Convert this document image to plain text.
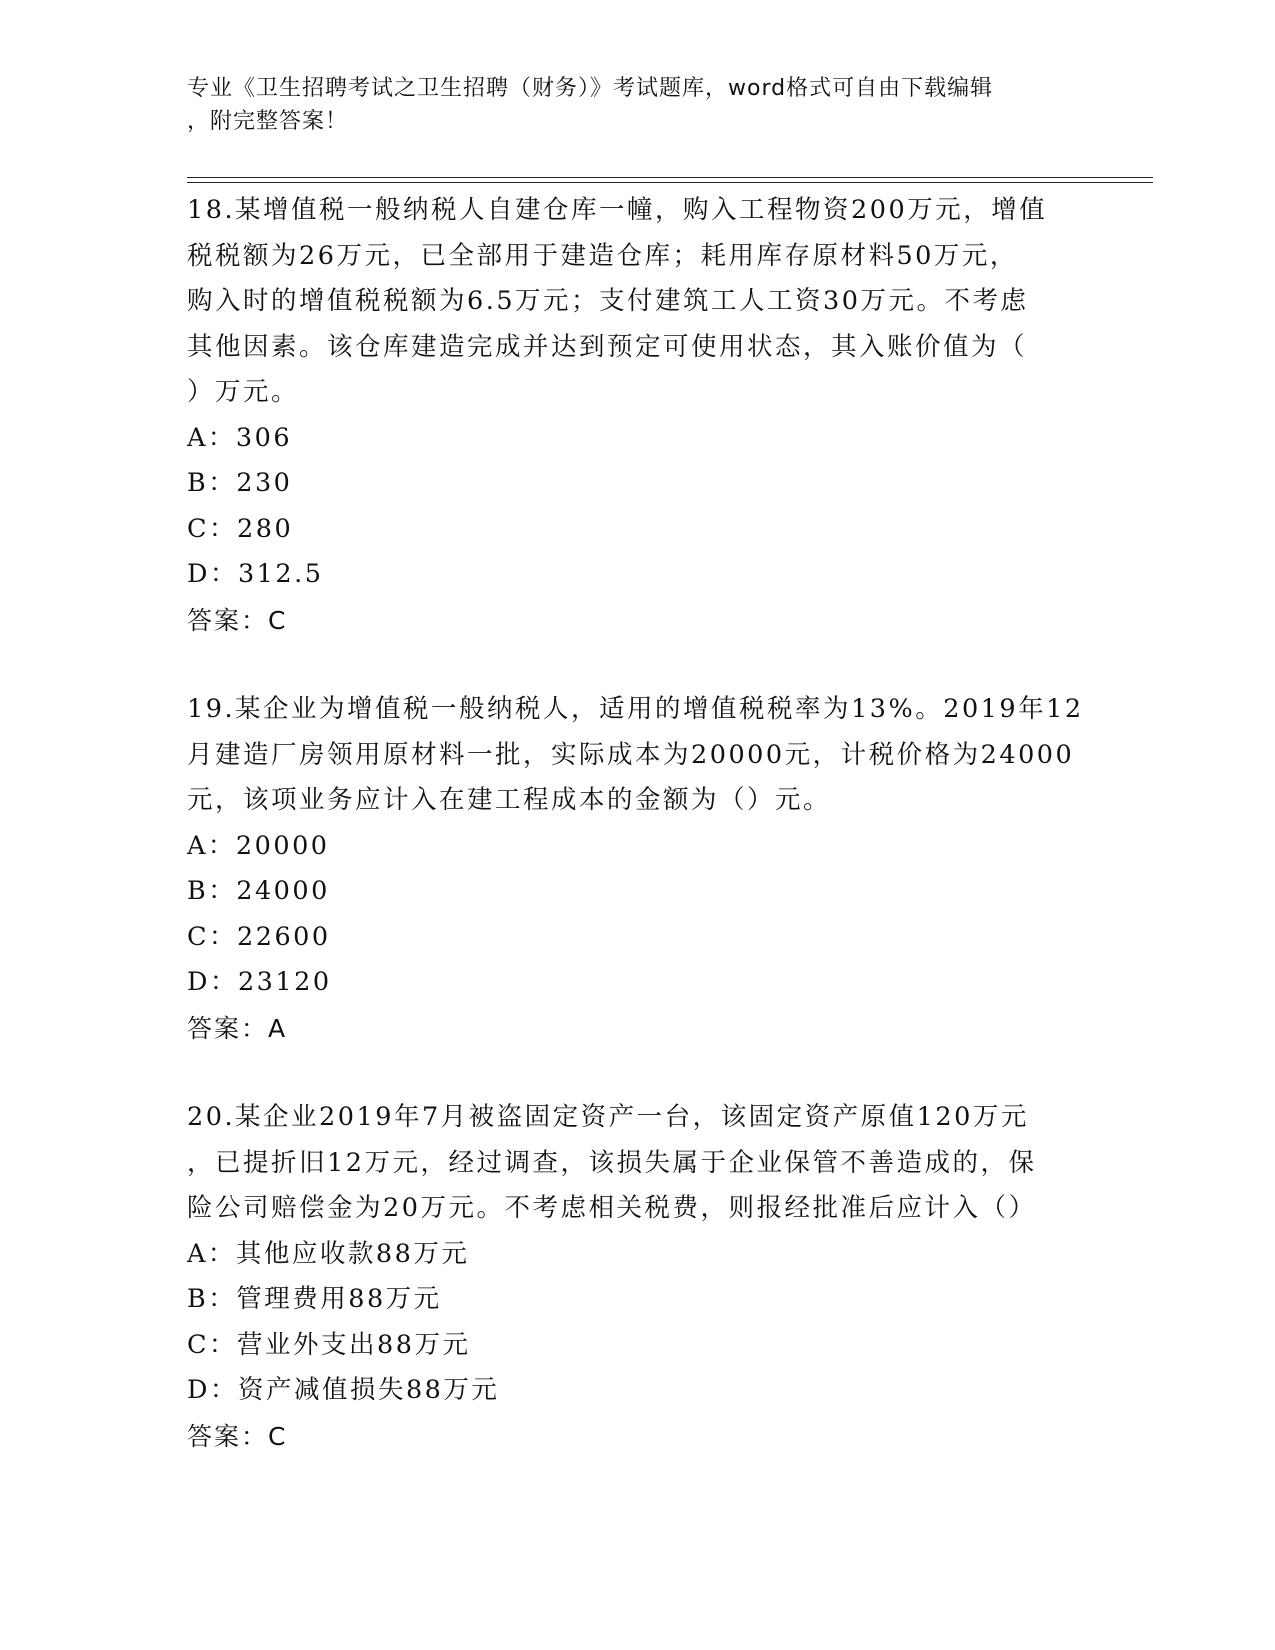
专业《卫生招聘考试之卫生招聘（财务）》考试题库，word格式可自由下载编辑
，附完整答案！
18.某增值税一般纳税人自建仓库一幢，购入工程物资200万元，增值
税税额为26万元，已全部用于建造仓库；耗用库存原材料50万元，
购入时的增值税税额为6.5万元；支付建筑工人工资30万元。不考虑
其他因素。该仓库建造完成并达到预定可使用状态，其入账价值为（
）万元。
A：306
B：230
C：280
D：312.5
答案：C
19.某企业为增值税一般纳税人，适用的增值税税率为13%。2019年12
月建造厂房领用原材料一批，实际成本为20000元，计税价格为24000
元，该项业务应计入在建工程成本的金额为（）元。
A：20000
B：24000
C：22600
D：23120
答案：A
20.某企业2019年7月被盗固定资产一台，该固定资产原值120万元
，已提折旧12万元，经过调查，该损失属于企业保管不善造成的，保
险公司赔偿金为20万元。不考虑相关税费，则报经批准后应计入（）
A：其他应收款88万元
B：管理费用88万元
C：营业外支出88万元
D：资产减值损失88万元
答案：C
